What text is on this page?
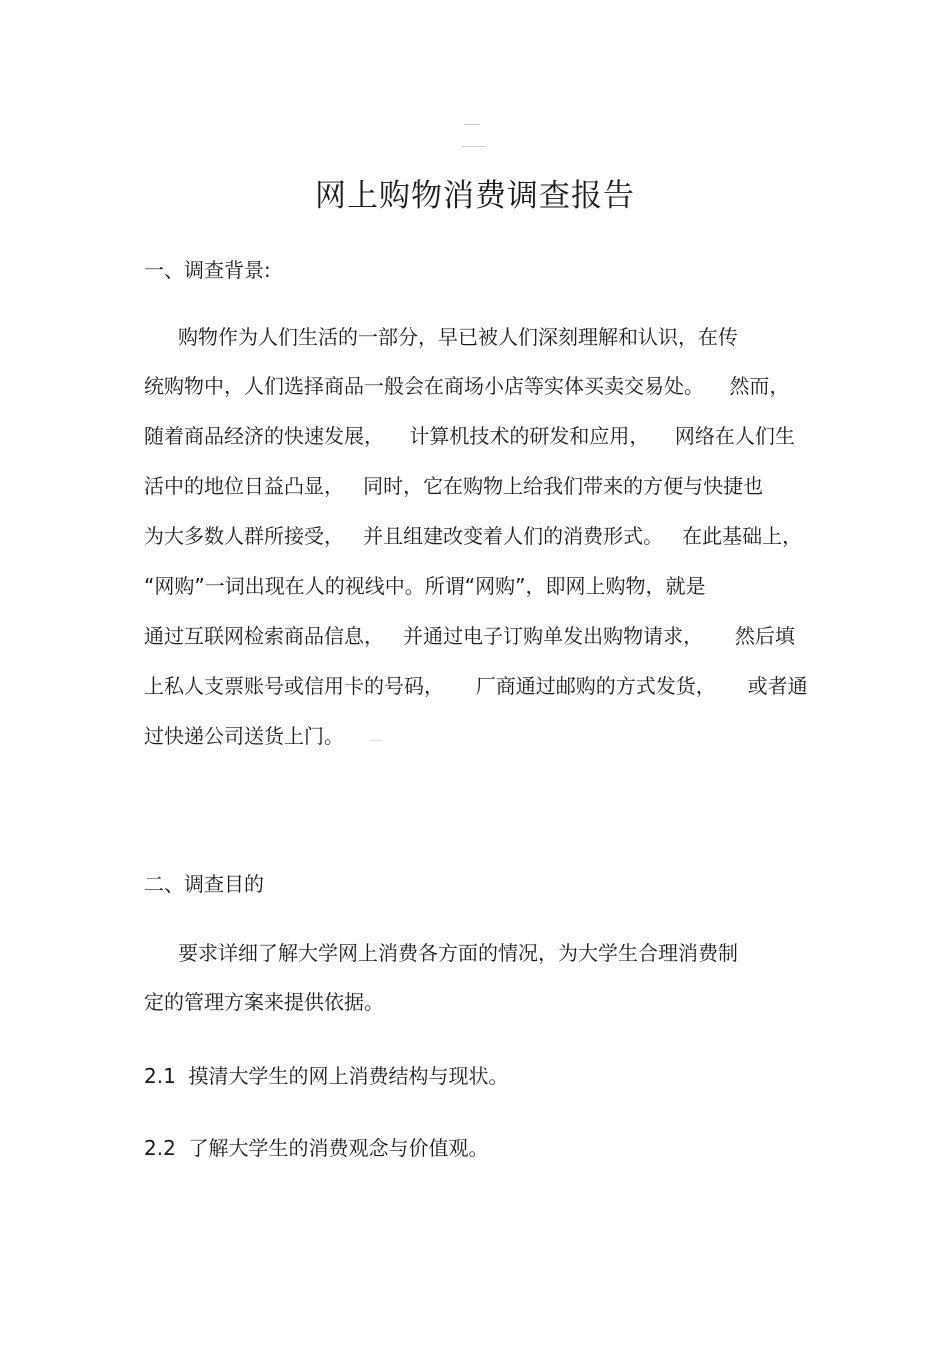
网上购物消费调查报告
一、调查背景:
购物作为人们生活的一部分，早已被人们深刻理解和认识，在传
统购物中，人们选择商品一般会在商场小店等实体买卖交易处。    然而，
随着商品经济的快速发展，    计算机技术的研发和应用，    网络在人们生
活中的地位日益凸显，   同时，它在购物上给我们带来的方便与快捷也
为大多数人群所接受，   并且组建改变着人们的消费形式。   在此基础上，
“网购”一词出现在人的视线中。所谓“网购”，即网上购物，就是
通过互联网检索商品信息，   并通过电子订购单发出购物请求，     然后填
上私人支票账号或信用卡的号码，     厂商通过邮购的方式发货，     或者通
过快递公司送货上门。
二、调查目的
要求详细了解大学网上消费各方面的情况，为大学生合理消费制
定的管理方案来提供依据。
2.1  摸清大学生的网上消费结构与现状。
2.2  了解大学生的消费观念与价值观。
